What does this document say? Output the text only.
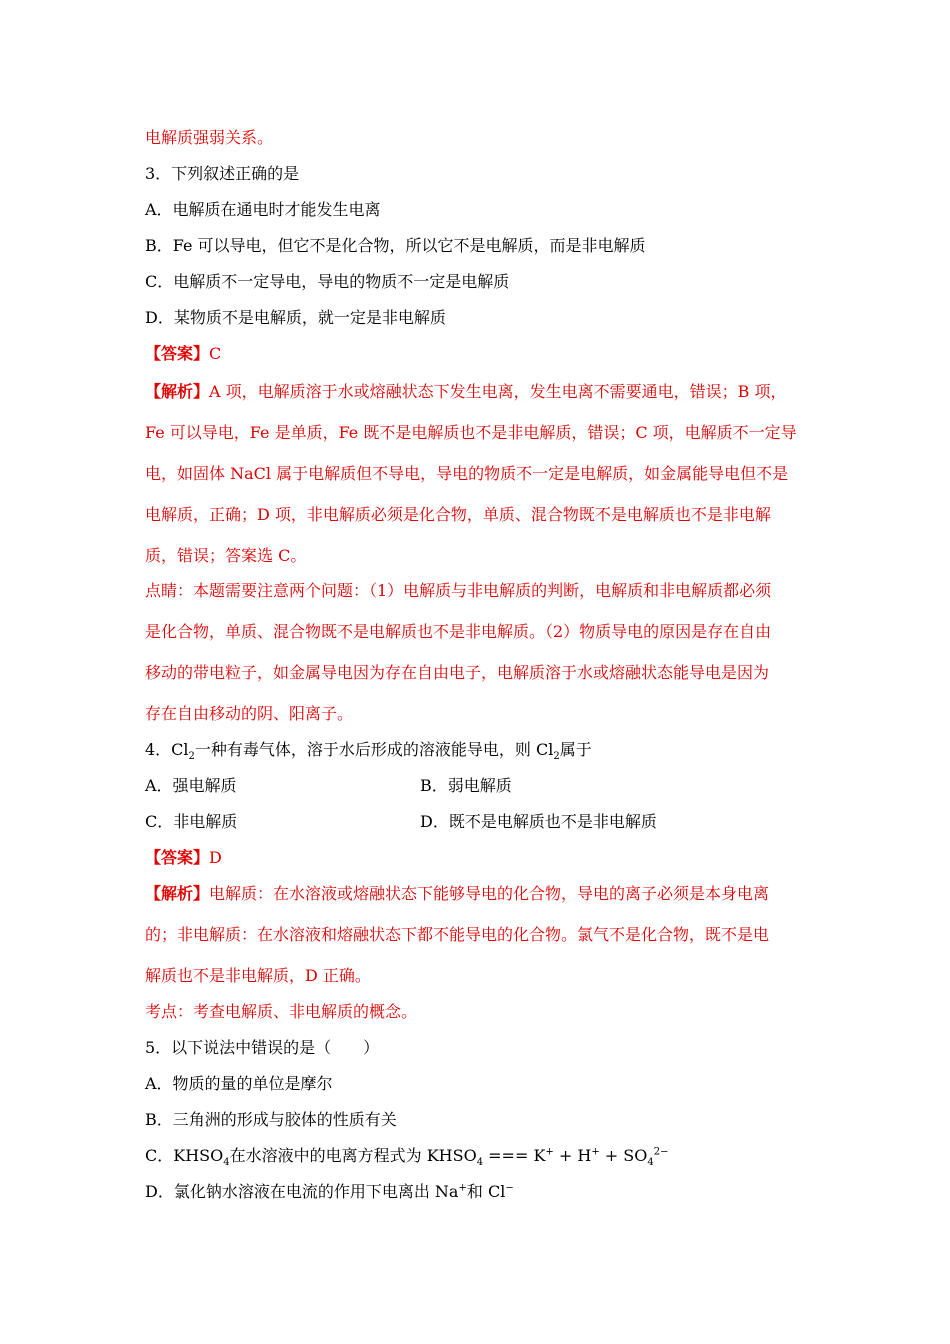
电解质强弱关系。
3．下列叙述正确的是
A．电解质在通电时才能发生电离
B．Fe 可以导电，但它不是化合物，所以它不是电解质，而是非电解质
C．电解质不一定导电，导电的物质不一定是电解质
D．某物质不是电解质，就一定是非电解质
【答案】C
【解析】A 项，电解质溶于水或熔融状态下发生电离，发生电离不需要通电，错误；B 项，
Fe 可以导电，Fe 是单质，Fe 既不是电解质也不是非电解质，错误；C 项，电解质不一定导
电，如固体 NaCl 属于电解质但不导电，导电的物质不一定是电解质，如金属能导电但不是
电解质，正确；D 项，非电解质必须是化合物，单质、混合物既不是电解质也不是非电解
质，错误；答案选 C。
点睛：本题需要注意两个问题：（1）电解质与非电解质的判断，电解质和非电解质都必须
是化合物，单质、混合物既不是电解质也不是非电解质。（2）物质导电的原因是存在自由
移动的带电粒子，如金属导电因为存在自由电子，电解质溶于水或熔融状态能导电是因为
存在自由移动的阴、阳离子。
4．$Cl_2$一种有毒气体，溶于水后形成的溶液能导电，则 $Cl_2$属于
A．强电解质	B．弱电解质
C．非电解质	D．既不是电解质也不是非电解质
【答案】D
【解析】电解质：在水溶液或熔融状态下能够导电的化合物，导电的离子必须是本身电离
的；非电解质：在水溶液和熔融状态下都不能导电的化合物。氯气不是化合物，既不是电
解质也不是非电解质，D 正确。
考点：考查电解质、非电解质的概念。
5．以下说法中错误的是（　　）
A．物质的量的单位是摩尔
B．三角洲的形成与胶体的性质有关
C．$KHSO_4$在水溶液中的电离方程式为 $KHSO_4$ === $K^+ + H^+ + SO_4^{2-}$
D．氯化钠水溶液在电流的作用下电离出 Na+和 Cl−
